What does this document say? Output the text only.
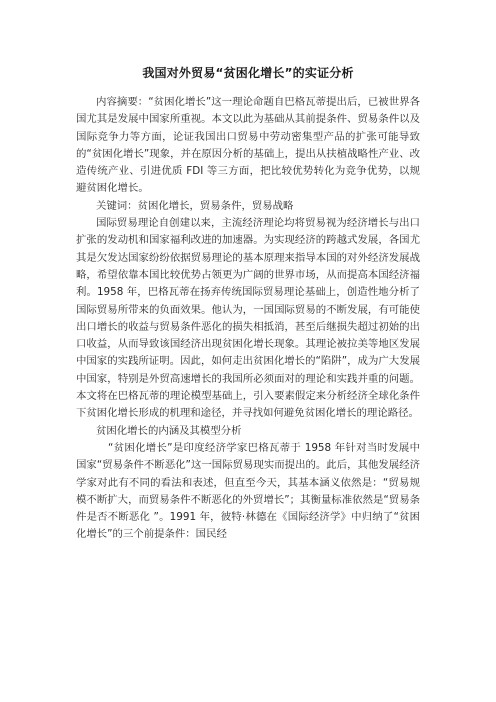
我国对外贸易“贫困化增长”的实证分析

内容摘要：“贫困化增长”这一理论命题自巴格瓦蒂提出后，已被世界各国尤其是发展中国家所重视。本文以此为基础从其前提条件、贸易条件以及国际竞争力等方面，论证我国出口贸易中劳动密集型产品的扩张可能导致的“贫困化增长”现象，并在原因分析的基础上，提出从扶植战略性产业、改造传统产业、引进优质 FDI 等三方面，把比较优势转化为竞争优势，以规避贫困化增长。

关键词：贫困化增长，贸易条件，贸易战略

国际贸易理论自创建以来，主流经济理论均将贸易视为经济增长与出口扩张的发动机和国家福利改进的加速器。为实现经济的跨越式发展，各国尤其是欠发达国家纷纷依据贸易理论的基本原理来指导本国的对外经济发展战略，希望依靠本国比较优势占领更为广阔的世界市场，从而提高本国经济福利。1958 年，巴格瓦蒂在扬弃传统国际贸易理论基础上，创造性地分析了国际贸易所带来的负面效果。他认为，一国国际贸易的不断发展，有可能使出口增长的收益与贸易条件恶化的损失相抵消，甚至后继损失超过初始的出口收益，从而导致该国经济出现贫困化增长现象。其理论被拉美等地区发展中国家的实践所证明。因此，如何走出贫困化增长的“陷阱”，成为广大发展中国家，特别是外贸高速增长的我国所必须面对的理论和实践并重的问题。本文将在巴格瓦蒂的理论模型基础上，引入要素假定来分析经济全球化条件下贫困化增长形成的机理和途径，并寻找如何避免贫困化增长的理论路径。

贫困化增长的内涵及其模型分析

“贫困化增长”是印度经济学家巴格瓦蒂于 1958 年针对当时发展中国家“贸易条件不断恶化”这一国际贸易现实而提出的。此后，其他发展经济学家对此有不同的看法和表述，但直至今天，其基本涵义依然是：“贸易规模不断扩大，而贸易条件不断恶化的外贸增长”；其衡量标准依然是“贸易条件是否不断恶化 ”。1991 年，彼特·林德在《国际经济学》中归纳了“贫困化增长”的三个前提条件：国民经
